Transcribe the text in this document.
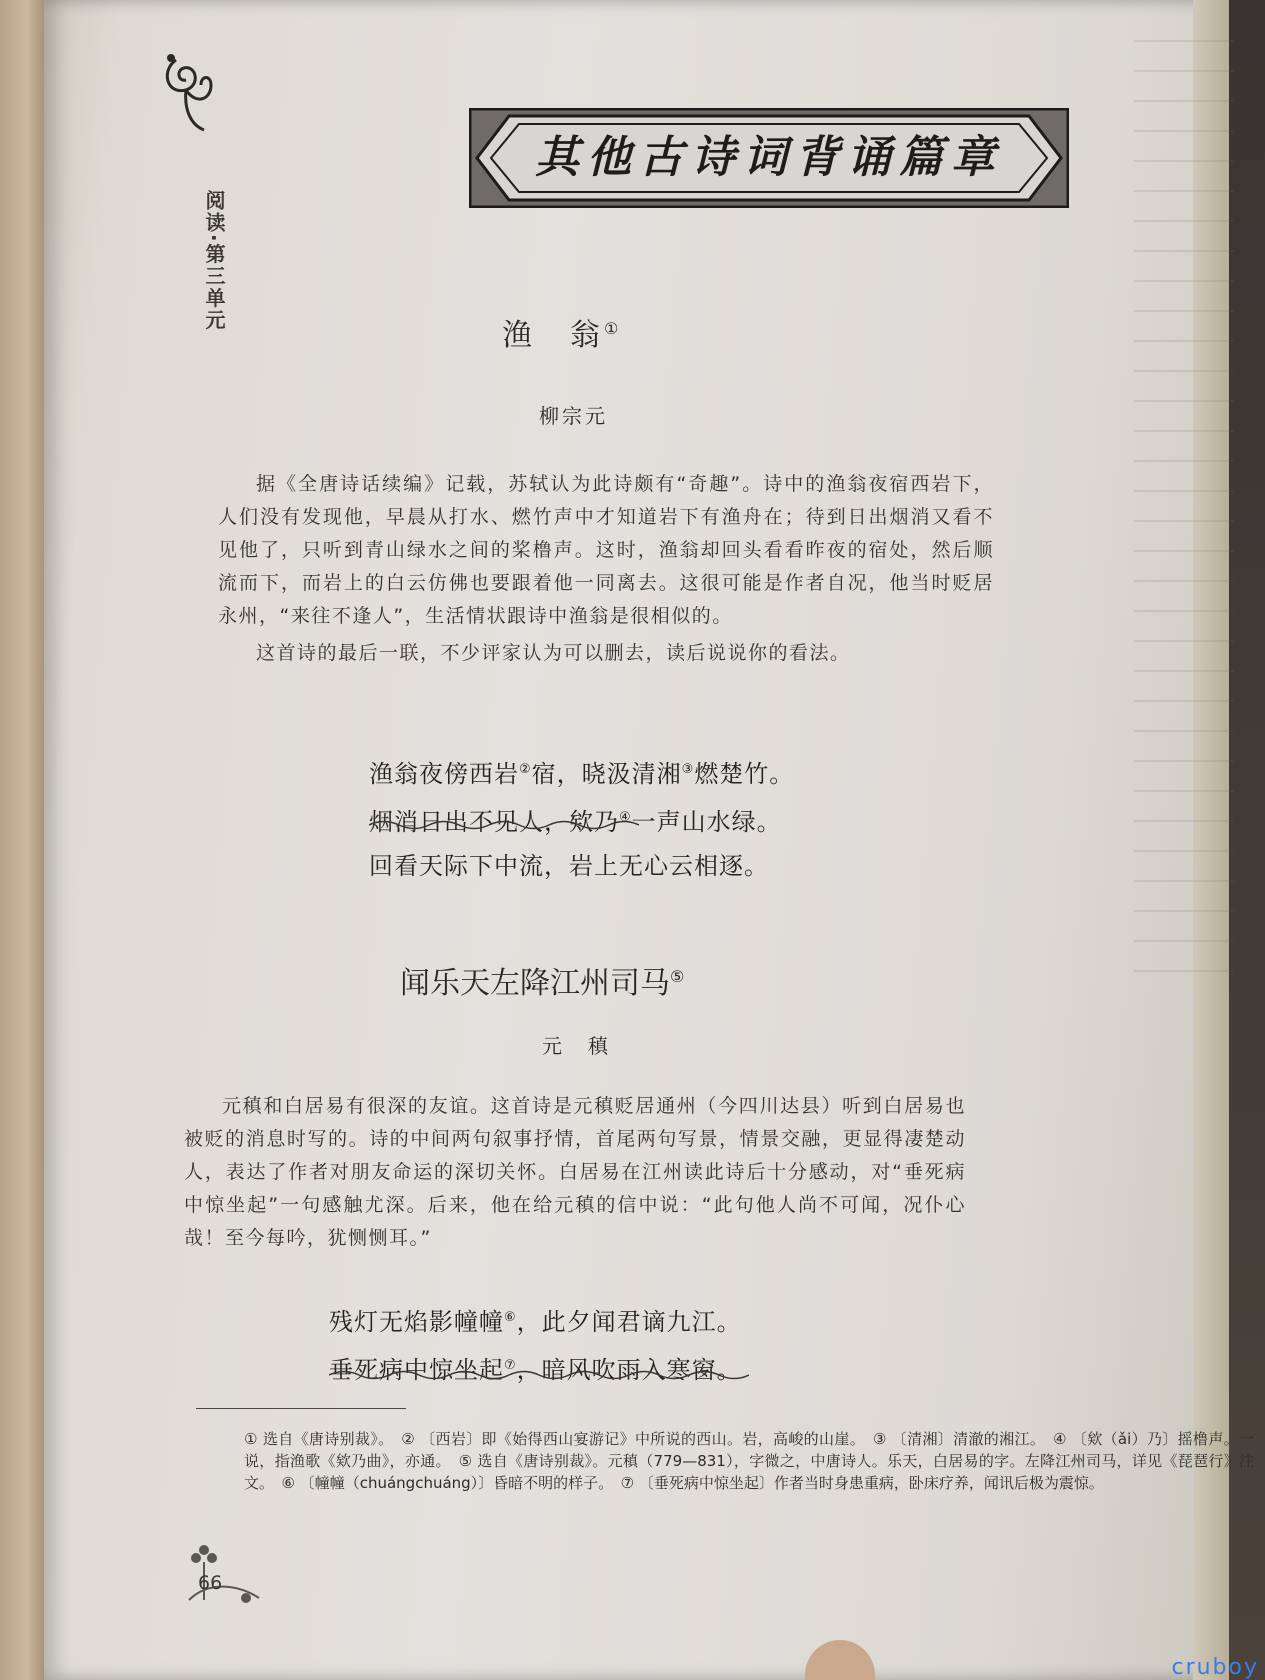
阅读·第三单元
其他古诗词背诵篇章
渔　翁①
柳宗元

据《全唐诗话续编》记载，苏轼认为此诗颇有“奇趣”。诗中的渔翁夜宿西岩下，人们没有发现他，早晨从打水、燃竹声中才知道岩下有渔舟在；待到日出烟消又看不见他了，只听到青山绿水之间的桨橹声。这时，渔翁却回头看看昨夜的宿处，然后顺流而下，而岩上的白云仿佛也要跟着他一同离去。这很可能是作者自况，他当时贬居永州，“来往不逢人”，生活情状跟诗中渔翁是很相似的。

这首诗的最后一联，不少评家认为可以删去，读后说说你的看法。

渔翁夜傍西岩②宿，晓汲清湘③燃楚竹。
烟消日出不见人，欸乃④一声山水绿。
回看天际下中流，岩上无心云相逐。
闻乐天左降江州司马⑤
元　稹

元稹和白居易有很深的友谊。这首诗是元稹贬居通州（今四川达县）听到白居易也被贬的消息时写的。诗的中间两句叙事抒情，首尾两句写景，情景交融，更显得凄楚动人，表达了作者对朋友命运的深切关怀。白居易在江州读此诗后十分感动，对“垂死病中惊坐起”一句感触尤深。后来，他在给元稹的信中说：“此句他人尚不可闻，况仆心哉！至今每吟，犹恻恻耳。”

残灯无焰影幢幢⑥，此夕闻君谪九江。
垂死病中惊坐起⑦，暗风吹雨入寒窗。
① 选自《唐诗别裁》。　② 〔西岩〕即《始得西山宴游记》中所说的西山。岩，高峻的山崖。　③ 〔清湘〕清澈的湘江。　④ 〔欸（ǎi）乃〕摇橹声。一说，指渔歌《欸乃曲》，亦通。　⑤ 选自《唐诗别裁》。元稹（779—831），字微之，中唐诗人。乐天，白居易的字。左降江州司马，详见《琵琶行》注文。　⑥ 〔幢幢（chuángchuáng）〕昏暗不明的样子。　⑦ 〔垂死病中惊坐起〕作者当时身患重病，卧床疗养，闻讯后极为震惊。
66
cruboy
